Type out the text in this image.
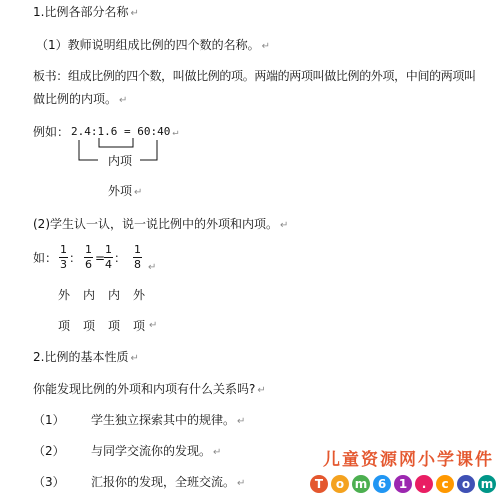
1.比例各部分名称 ↵
（1）教师说明组成比例的四个数的名称。 ↵
板书：组成比例的四个数，叫做比例的项。两端的两项叫做比例的外项，中间的两项叫
做比例的内项。 ↵
例如： 2.4:1.6 = 60:40 ↵
内项
外项 ↵
(2)学生认一认，说一说比例中的外项和内项。 ↵
如：
1
3 ：
1
6 =
1
4 ：
1
8 ↵
外 内 内 外
项 项 项 项 ↵
2.比例的基本性质 ↵
你能发现比例的外项和内项有什么关系吗? ↵
（1） 学生独立探索其中的规律。 ↵
（2） 与同学交流你的发现。 ↵
（3） 汇报你的发现，全班交流。 ↵
儿童资源网小学课件
T	o m 6	1	.	c	o m
